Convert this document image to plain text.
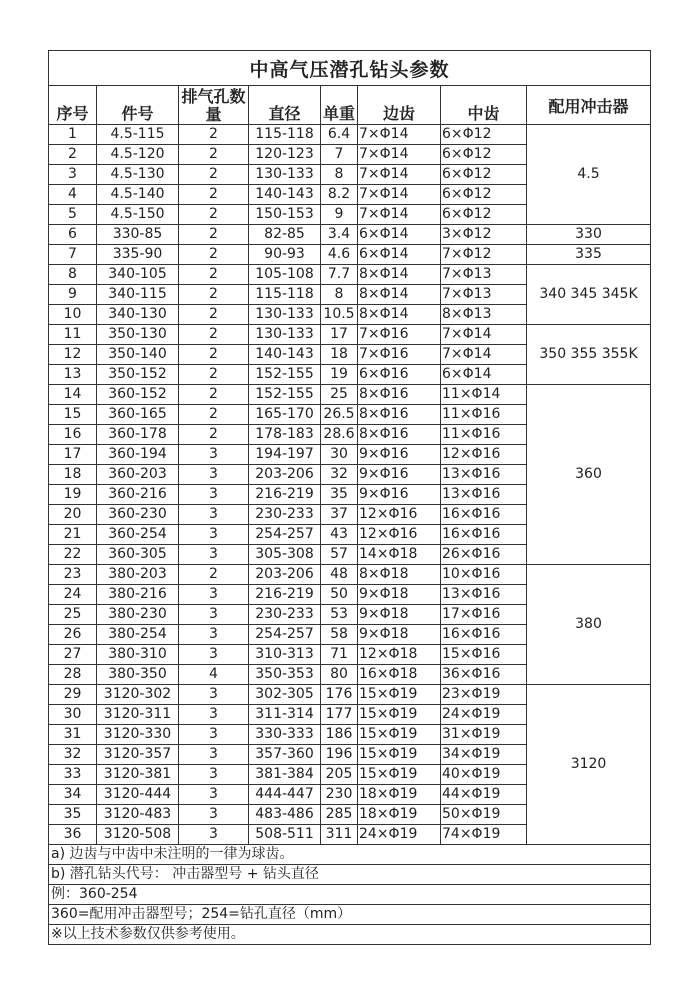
中高气压潜孔钻头参数							
序号	件号	排气孔数量	直径	单重	边齿	中齿	配用冲击器
1	4.5-115	2	115-118	6.4	7×Φ14	6×Φ12	4.5
2	4.5-120	2	120-123	7	7×Φ14	6×Φ12	
3	4.5-130	2	130-133	8	7×Φ14	6×Φ12	
4	4.5-140	2	140-143	8.2	7×Φ14	6×Φ12	
5	4.5-150	2	150-153	9	7×Φ14	6×Φ12	
6	330-85	2	82-85	3.4	6×Φ14	3×Φ12	330
7	335-90	2	90-93	4.6	6×Φ14	7×Φ12	335
8	340-105	2	105-108	7.7	8×Φ14	7×Φ13	340 345 345K
9	340-115	2	115-118	8	8×Φ14	7×Φ13	
10	340-130	2	130-133	10.5	8×Φ14	8×Φ13	
11	350-130	2	130-133	17	7×Φ16	7×Φ14	350 355 355K
12	350-140	2	140-143	18	7×Φ16	7×Φ14	
13	350-152	2	152-155	19	6×Φ16	6×Φ14	
14	360-152	2	152-155	25	8×Φ16	11×Φ14	360
15	360-165	2	165-170	26.5	8×Φ16	11×Φ16	
16	360-178	2	178-183	28.6	8×Φ16	11×Φ16	
17	360-194	3	194-197	30	9×Φ16	12×Φ16	
18	360-203	3	203-206	32	9×Φ16	13×Φ16	
19	360-216	3	216-219	35	9×Φ16	13×Φ16	
20	360-230	3	230-233	37	12×Φ16	16×Φ16	
21	360-254	3	254-257	43	12×Φ16	16×Φ16	
22	360-305	3	305-308	57	14×Φ18	26×Φ16	
23	380-203	2	203-206	48	8×Φ18	10×Φ16	380
24	380-216	3	216-219	50	9×Φ18	13×Φ16	
25	380-230	3	230-233	53	9×Φ18	17×Φ16	
26	380-254	3	254-257	58	9×Φ18	16×Φ16	
27	380-310	3	310-313	71	12×Φ18	15×Φ16	
28	380-350	4	350-353	80	16×Φ18	36×Φ16	
29	3120-302	3	302-305	176	15×Φ19	23×Φ19	3120
30	3120-311	3	311-314	177	15×Φ19	24×Φ19	
31	3120-330	3	330-333	186	15×Φ19	31×Φ19	
32	3120-357	3	357-360	196	15×Φ19	34×Φ19	
33	3120-381	3	381-384	205	15×Φ19	40×Φ19	
34	3120-444	3	444-447	230	18×Φ19	44×Φ19	
35	3120-483	3	483-486	285	18×Φ19	50×Φ19	
36	3120-508	3	508-511	311	24×Φ19	74×Φ19	
a) 边齿与中齿中未注明的一律为球齿。							
b) 潜孔钻头代号： 冲击器型号 + 钻头直径							
例：360-254							
360=配用冲击器型号；254=钻孔直径（mm）							
※以上技术参数仅供参考使用。							
